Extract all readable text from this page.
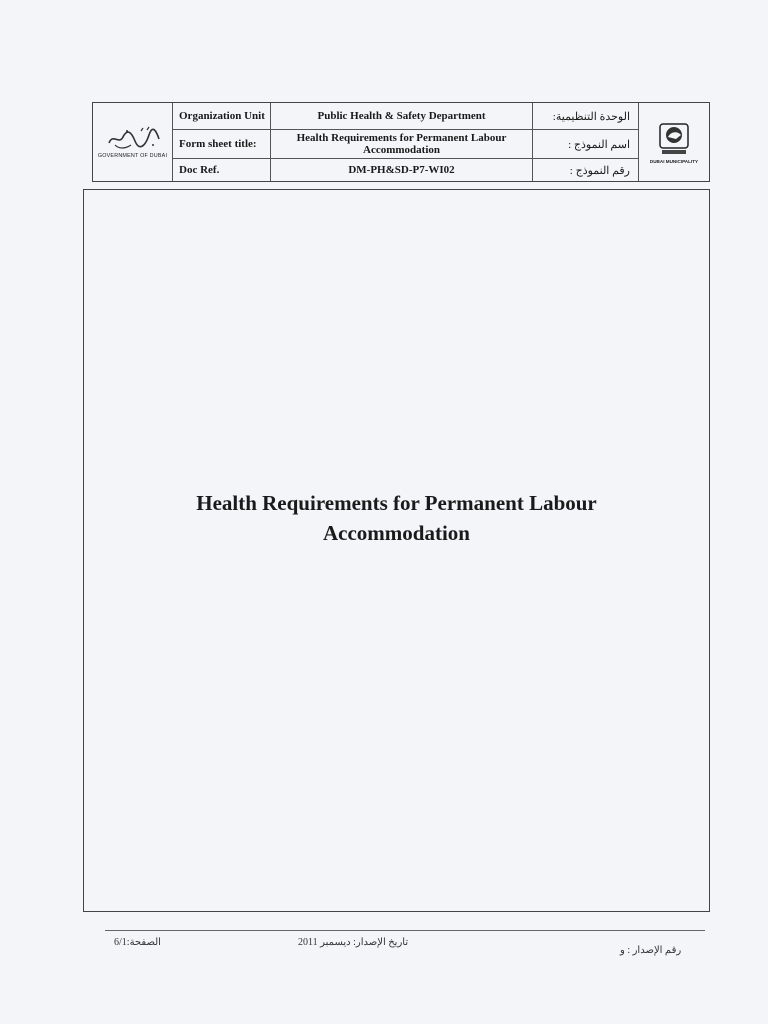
GOVERNMENT OF DUBAI
Organization Unit	Public Health & Safety Department	الوحدة التنظيمية:
Form sheet title:	Health Requirements for Permanent Labour Accommodation	اسم النموذج :
Doc Ref.	DM-PH&SD-P7-WI02	رقم النموذج :
DUBAI MUNICIPALITY
Health Requirements for Permanent Labour
Accommodation
6/1:الصفحة	تاريخ الإصدار: ديسمبر 2011
رقم الإصدار : و
